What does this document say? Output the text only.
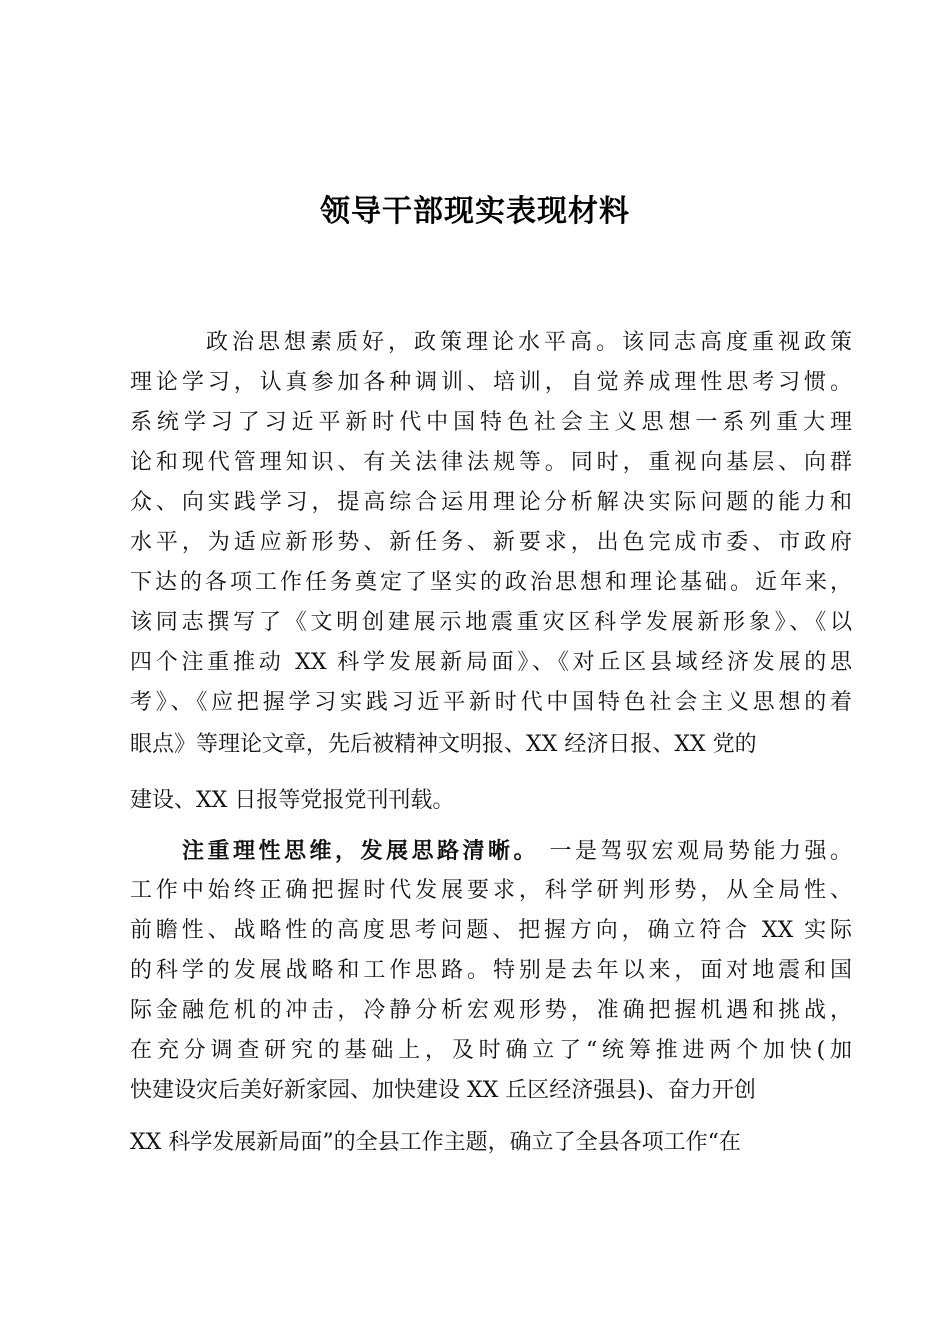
领导干部现实表现材料

政治思想素质好，政策理论水平高。该同志高度重视政策

理论学习，认真参加各种调训、培训，自觉养成理性思考习惯。

系统学习了习近平新时代中国特色社会主义思想一系列重大理

论和现代管理知识、有关法律法规等。同时，重视向基层、向群

众、向实践学习，提高综合运用理论分析解决实际问题的能力和

水平，为适应新形势、新任务、新要求，出色完成市委、市政府

下达的各项工作任务奠定了坚实的政治思想和理论基础。近年来，

该同志撰写了《文明创建展示地震重灾区科学发展新形象》、《以

四个注重推动 XX 科学发展新局面》、《对丘区县域经济发展的思

考》、《应把握学习实践习近平新时代中国特色社会主义思想的着

眼点》等理论文章，先后被精神文明报、XX 经济日报、XX 党的

建设、XX 日报等党报党刊刊载。

注重理性思维，发展思路清晰。 一是驾驭宏观局势能力强。

工作中始终正确把握时代发展要求，科学研判形势，从全局性、

前瞻性、战略性的高度思考问题、把握方向，确立符合 XX 实际

的科学的发展战略和工作思路。特别是去年以来，面对地震和国

际金融危机的冲击，冷静分析宏观形势，准确把握机遇和挑战，

在充分调查研究的基础上，及时确立了“统筹推进两个加快(加

快建设灾后美好新家园、加快建设 XX 丘区经济强县)、奋力开创

XX 科学发展新局面”的全县工作主题，确立了全县各项工作“在
